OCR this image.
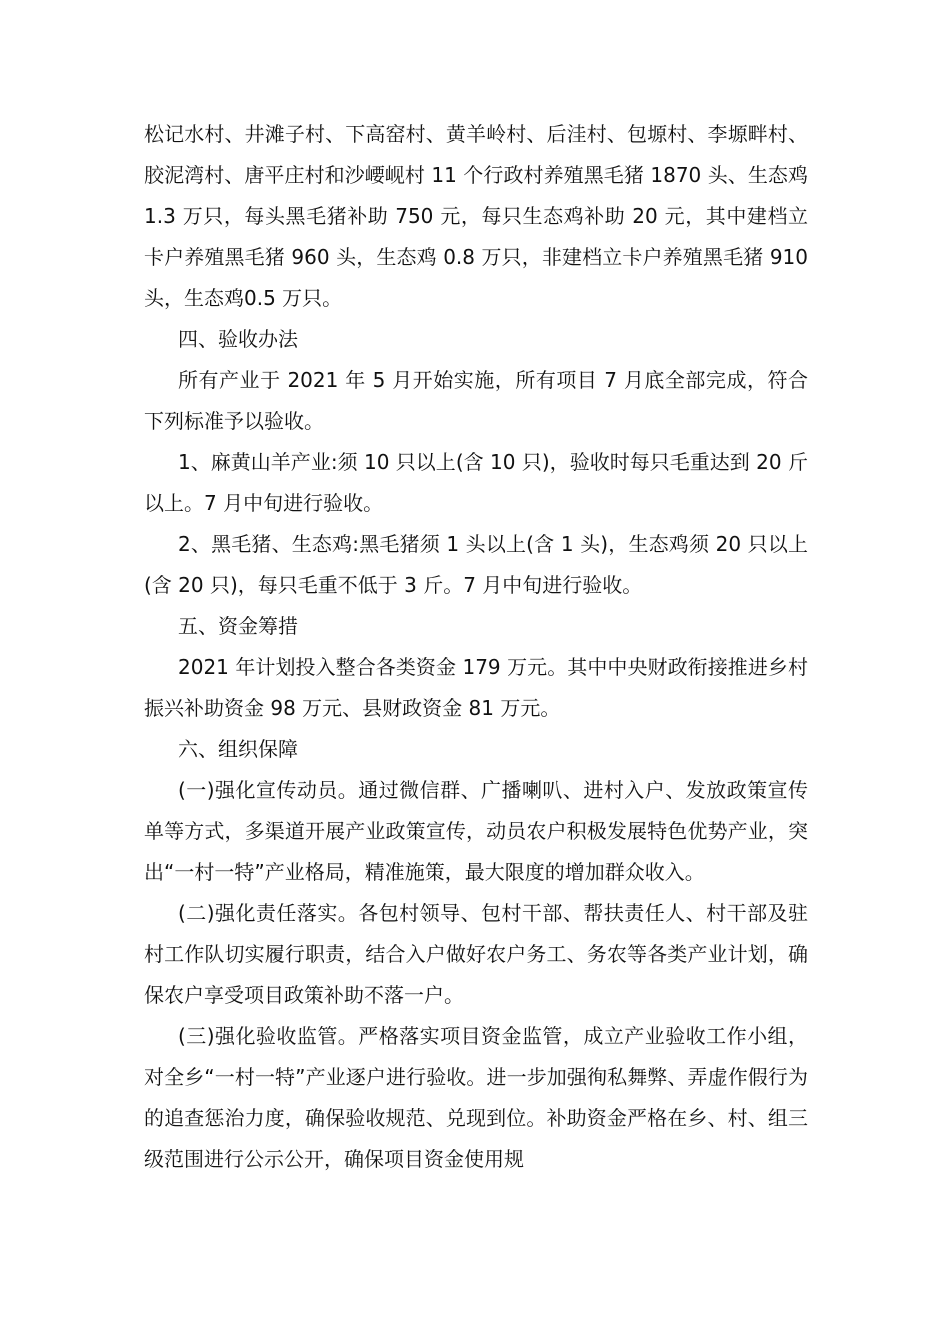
松记水村、井滩子村、下高窑村、黄羊岭村、后洼村、包塬村、李塬畔村、胶泥湾村、唐平庄村和沙崾岘村 11 个行政村养殖黑毛猪 1870 头、生态鸡 1.3 万只，每头黑毛猪补助 750 元，每只生态鸡补助 20 元，其中建档立卡户养殖黑毛猪 960 头，生态鸡 0.8 万只，非建档立卡户养殖黑毛猪 910 头，生态鸡0.5 万只。

四、验收办法

所有产业于 2021 年 5 月开始实施，所有项目 7 月底全部完成，符合下列标准予以验收。

1、麻黄山羊产业:须 10 只以上(含 10 只)，验收时每只毛重达到 20 斤以上。7 月中旬进行验收。

2、黑毛猪、生态鸡:黑毛猪须 1 头以上(含 1 头)，生态鸡须 20 只以上(含 20 只)，每只毛重不低于 3 斤。7 月中旬进行验收。

五、资金筹措

2021 年计划投入整合各类资金 179 万元。其中中央财政衔接推进乡村振兴补助资金 98 万元、县财政资金 81 万元。

六、组织保障

(一)强化宣传动员。通过微信群、广播喇叭、进村入户、发放政策宣传单等方式，多渠道开展产业政策宣传，动员农户积极发展特色优势产业，突出“一村一特”产业格局，精准施策，最大限度的增加群众收入。

(二)强化责任落实。各包村领导、包村干部、帮扶责任人、村干部及驻村工作队切实履行职责，结合入户做好农户务工、务农等各类产业计划，确保农户享受项目政策补助不落一户。

(三)强化验收监管。严格落实项目资金监管，成立产业验收工作小组，对全乡“一村一特”产业逐户进行验收。进一步加强徇私舞弊、弄虚作假行为的追查惩治力度，确保验收规范、兑现到位。补助资金严格在乡、村、组三级范围进行公示公开，确保项目资金使用规
